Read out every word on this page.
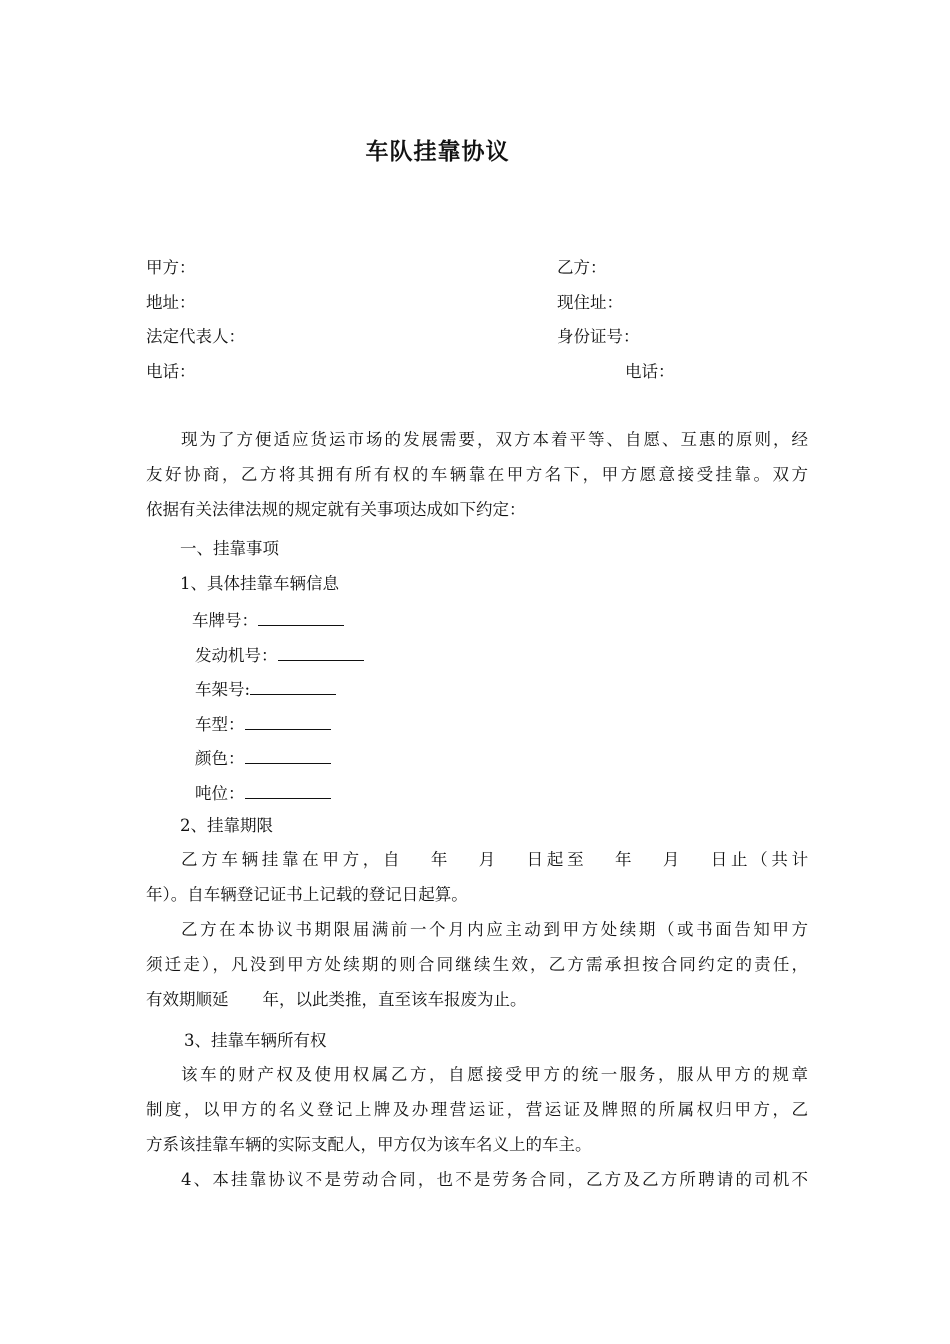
车队挂靠协议
甲方：	乙方：
地址：	现住址：
法定代表人：	身份证号：
电话：	电话：
现为了方便适应货运市场的发展需要，双方本着平等、自愿、互惠的原则，经
友好协商，乙方将其拥有所有权的车辆靠在甲方名下，甲方愿意接受挂靠。双方
依据有关法律法规的规定就有关事项达成如下约定：
一、挂靠事项
1、具体挂靠车辆信息
车牌号：
发动机号：
车架号:
车型：
颜色：
吨位：
2、挂靠期限
乙方车辆挂靠在甲方，自 年 月 日起至 年 月 日止（共计
年）。自车辆登记证书上记载的登记日起算。
乙方在本协议书期限届满前一个月内应主动到甲方处续期（或书面告知甲方
须迁走），凡没到甲方处续期的则合同继续生效，乙方需承担按合同约定的责任，
有效期顺延 年，以此类推，直至该车报废为止。
3、挂靠车辆所有权
该车的财产权及使用权属乙方，自愿接受甲方的统一服务，服从甲方的规章
制度，以甲方的名义登记上牌及办理营运证，营运证及牌照的所属权归甲方，乙
方系该挂靠车辆的实际支配人，甲方仅为该车名义上的车主。
4、本挂靠协议不是劳动合同，也不是劳务合同，乙方及乙方所聘请的司机不
